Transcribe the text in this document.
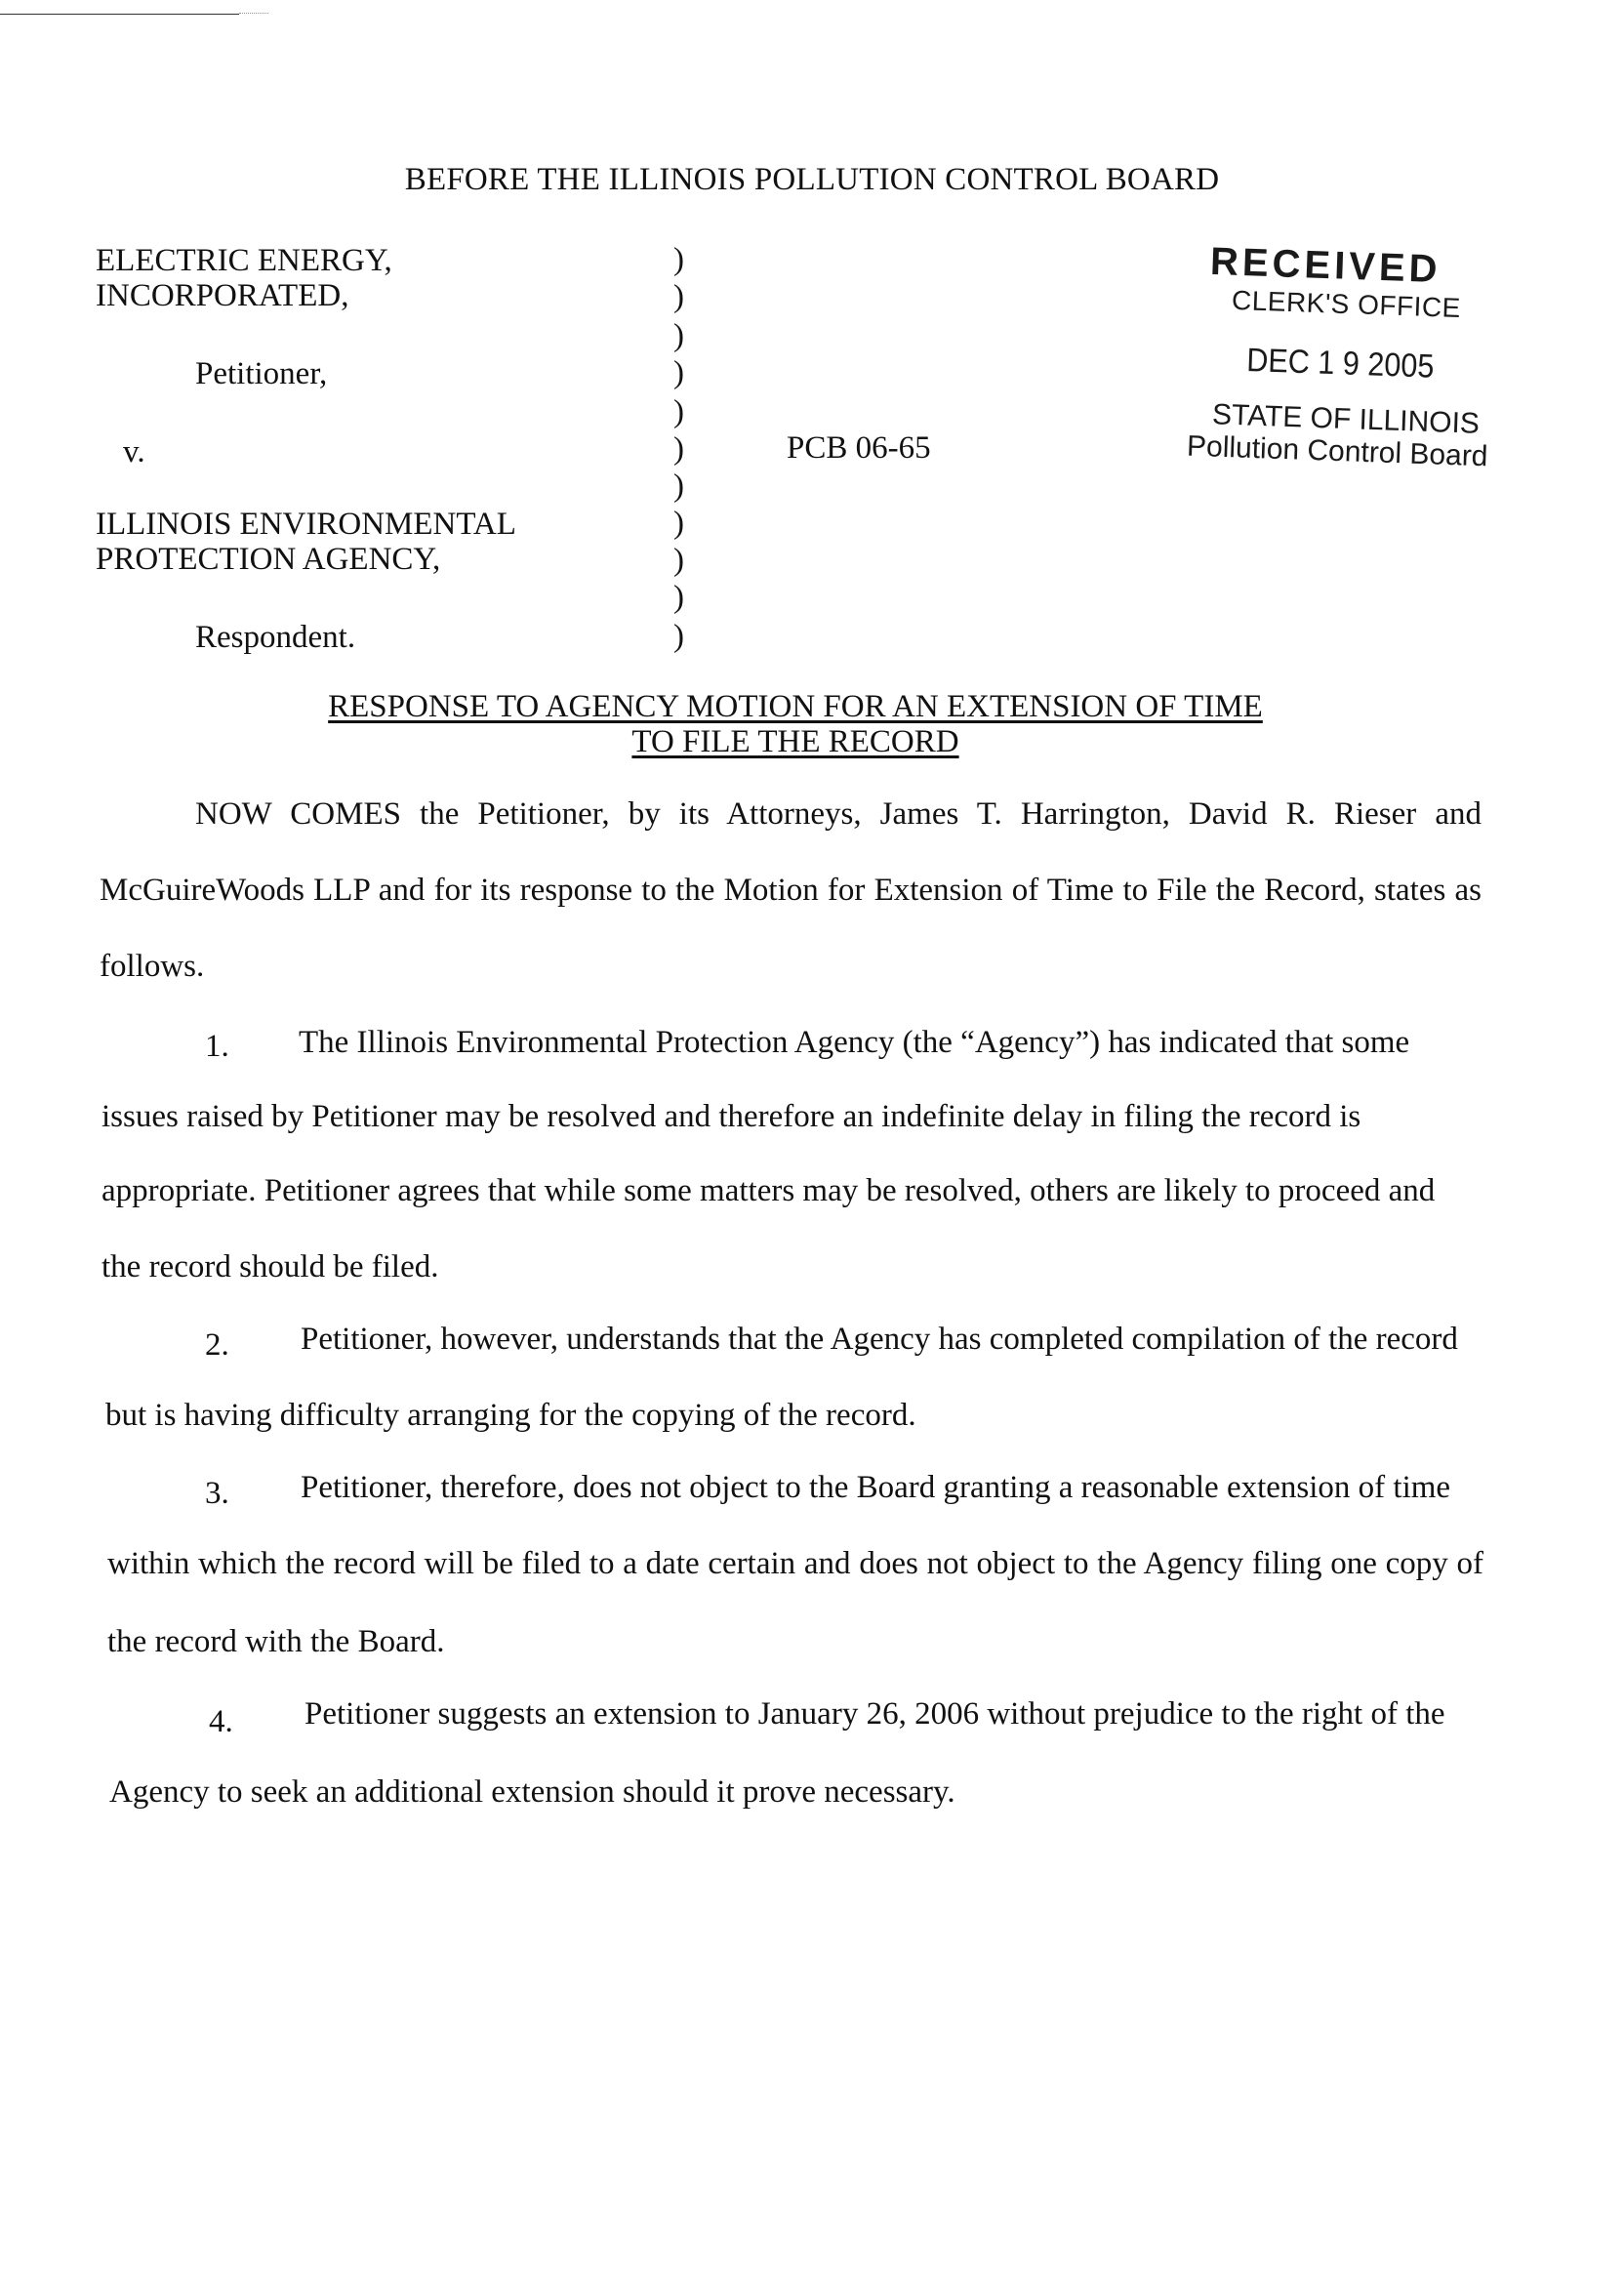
BEFORE THE ILLINOIS POLLUTION CONTROL BOARD
ELECTRIC ENERGY,
INCORPORATED,
Petitioner,
v.
ILLINOIS ENVIRONMENTAL
PROTECTION AGENCY,
Respondent.
)
)
)
)
)
)
)
)
)
)
)
PCB 06-65
RECEIVED
CLERK'S OFFICE
DEC 1 9 2005
STATE OF ILLINOIS
Pollution Control Board
RESPONSE TO AGENCY MOTION FOR AN EXTENSION OF TIME
TO FILE THE RECORD
NOW COMES the Petitioner, by its Attorneys, James T. Harrington, David R. Rieser and
McGuireWoods LLP and for its response to the Motion for Extension of Time to File the Record, states as
follows.
1. The Illinois Environmental Protection Agency (the “Agency”) has indicated that some
issues raised by Petitioner may be resolved and therefore an indefinite delay in filing the record is
appropriate. Petitioner agrees that while some matters may be resolved, others are likely to proceed and
the record should be filed.
2. Petitioner, however, understands that the Agency has completed compilation of the record
but is having difficulty arranging for the copying of the record.
3. Petitioner, therefore, does not object to the Board granting a reasonable extension of time
within which the record will be filed to a date certain and does not object to the Agency filing one copy of
the record with the Board.
4. Petitioner suggests an extension to January 26, 2006 without prejudice to the right of the
Agency to seek an additional extension should it prove necessary.
